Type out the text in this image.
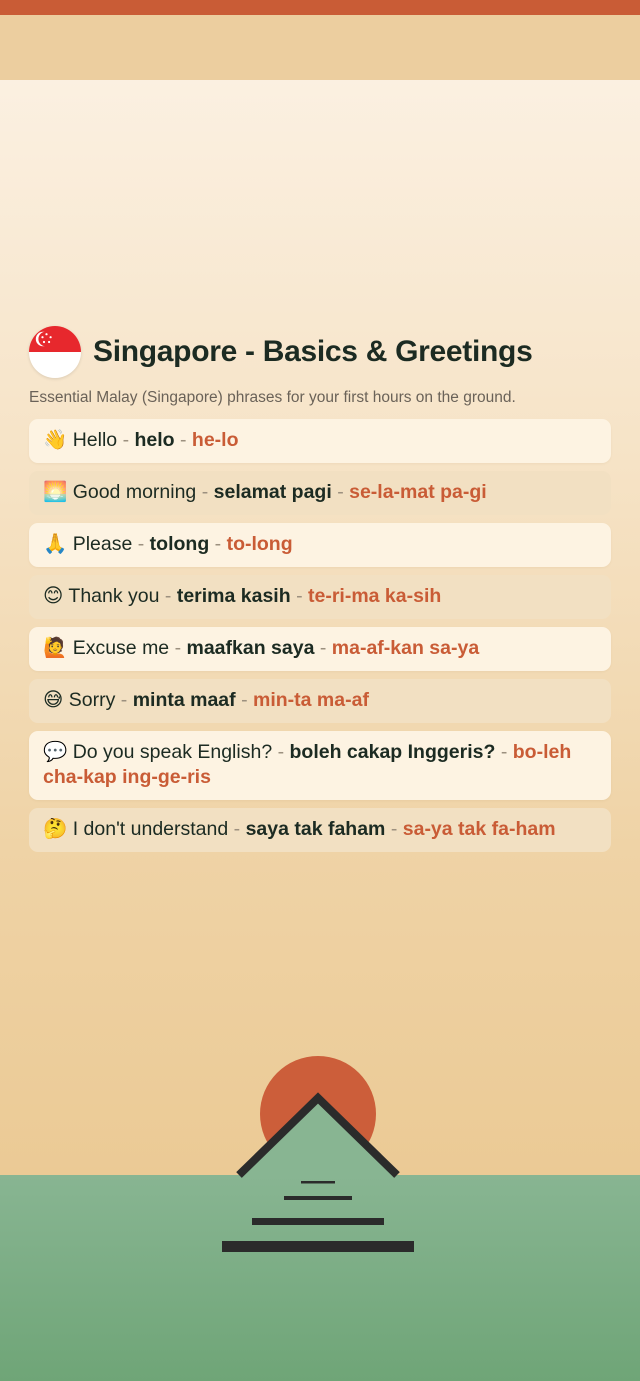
Singapore - Basics & Greetings
Essential Malay (Singapore) phrases for your first hours on the ground.
👋 Hello - helo - he-lo
🌅 Good morning - selamat pagi - se-la-mat pa-gi
🙏 Please - tolong - to-long
😊 Thank you - terima kasih - te-ri-ma ka-sih
🙋 Excuse me - maafkan saya - ma-af-kan sa-ya
😅 Sorry - minta maaf - min-ta ma-af
💬 Do you speak English? - boleh cakap Inggeris? - bo-leh cha-kap ing-ge-ris
🤔 I don't understand - saya tak faham - sa-ya tak fa-ham
